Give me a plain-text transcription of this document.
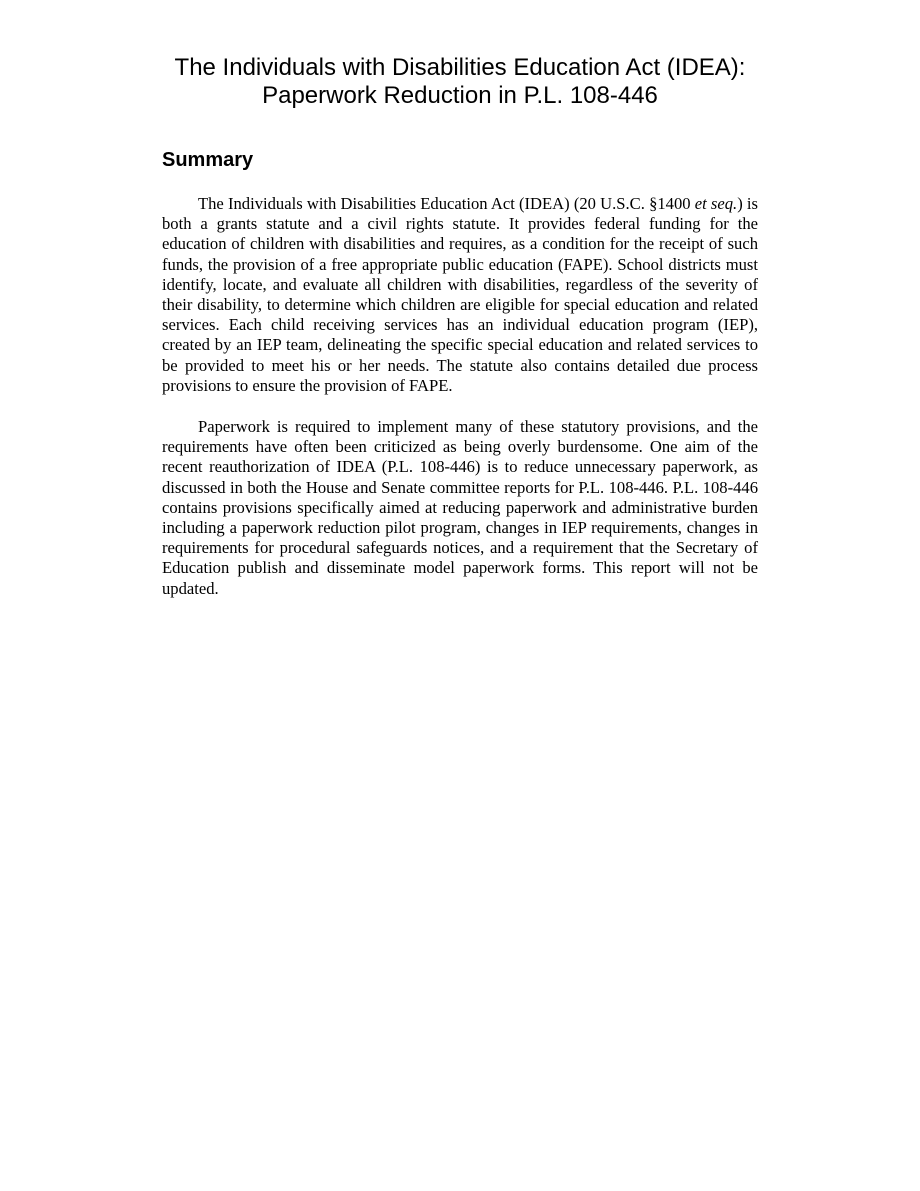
The Individuals with Disabilities Education Act (IDEA):
Paperwork Reduction in P.L. 108-446
Summary

The Individuals with Disabilities Education Act (IDEA) (20 U.S.C. §1400 et seq.) is both a grants statute and a civil rights statute. It provides federal funding for the education of children with disabilities and requires, as a condition for the receipt of such funds, the provision of a free appropriate public education (FAPE). School districts must identify, locate, and evaluate all children with disabilities, regardless of the severity of their disability, to determine which children are eligible for special education and related services. Each child receiving services has an individual education program (IEP), created by an IEP team, delineating the specific special education and related services to be provided to meet his or her needs. The statute also contains detailed due process provisions to ensure the provision of FAPE.

Paperwork is required to implement many of these statutory provisions, and the requirements have often been criticized as being overly burdensome. One aim of the recent reauthorization of IDEA (P.L. 108-446) is to reduce unnecessary paperwork, as discussed in both the House and Senate committee reports for P.L. 108-446. P.L. 108-446 contains provisions specifically aimed at reducing paperwork and administrative burden including a paperwork reduction pilot program, changes in IEP requirements, changes in requirements for procedural safeguards notices, and a requirement that the Secretary of Education publish and disseminate model paperwork forms. This report will not be updated.
